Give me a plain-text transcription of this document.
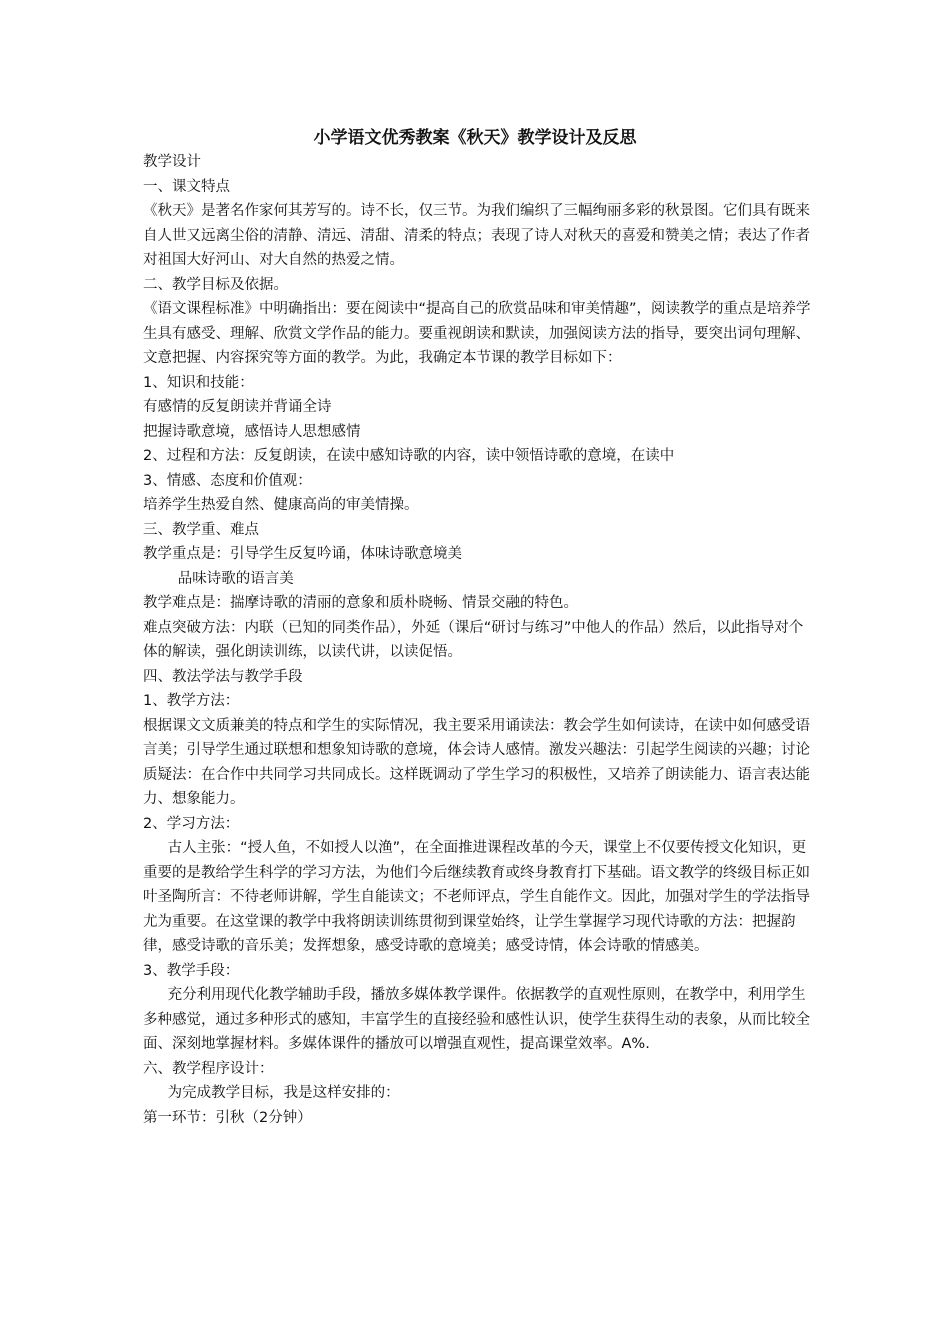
小学语文优秀教案《秋天》教学设计及反思

教学设计

一、课文特点

《秋天》是著名作家何其芳写的。诗不长，仅三节。为我们编织了三幅绚丽多彩的秋景图。它们具有既来自人世又远离尘俗的清静、清远、清甜、清柔的特点；表现了诗人对秋天的喜爱和赞美之情；表达了作者对祖国大好河山、对大自然的热爱之情。

二、教学目标及依据。

《语文课程标准》中明确指出：要在阅读中“提高自己的欣赏品味和审美情趣”，阅读教学的重点是培养学生具有感受、理解、欣赏文学作品的能力。要重视朗读和默读，加强阅读方法的指导，要突出词句理解、文意把握、内容探究等方面的教学。为此，我确定本节课的教学目标如下：

1、知识和技能：

有感情的反复朗读并背诵全诗

把握诗歌意境，感悟诗人思想感情

2、过程和方法：反复朗读，在读中感知诗歌的内容，读中领悟诗歌的意境，在读中

3、情感、态度和价值观：

培养学生热爱自然、健康高尚的审美情操。

三、教学重、难点

教学重点是：引导学生反复吟诵，体味诗歌意境美

品味诗歌的语言美

教学难点是：揣摩诗歌的清丽的意象和质朴晓畅、情景交融的特色。

难点突破方法：内联（已知的同类作品），外延（课后“研讨与练习”中他人的作品）然后，以此指导对个体的解读，强化朗读训练，以读代讲，以读促悟。

四、教法学法与教学手段

1、教学方法：

根据课文文质兼美的特点和学生的实际情况，我主要采用诵读法：教会学生如何读诗，在读中如何感受语言美；引导学生通过联想和想象知诗歌的意境，体会诗人感情。激发兴趣法：引起学生阅读的兴趣；讨论质疑法：在合作中共同学习共同成长。这样既调动了学生学习的积极性，又培养了朗读能力、语言表达能力、想象能力。

2、学习方法：

古人主张：“授人鱼，不如授人以渔”，在全面推进课程改革的今天，课堂上不仅要传授文化知识，更重要的是教给学生科学的学习方法，为他们今后继续教育或终身教育打下基础。语文教学的终级目标正如叶圣陶所言：不待老师讲解，学生自能读文；不老师评点，学生自能作文。因此，加强对学生的学法指导尤为重要。在这堂课的教学中我将朗读训练贯彻到课堂始终，让学生掌握学习现代诗歌的方法：把握韵律，感受诗歌的音乐美；发挥想象，感受诗歌的意境美；感受诗情，体会诗歌的情感美。

3、教学手段：

充分利用现代化教学辅助手段，播放多媒体教学课件。依据教学的直观性原则，在教学中，利用学生多种感觉，通过多种形式的感知，丰富学生的直接经验和感性认识，使学生获得生动的表象，从而比较全面、深刻地掌握材料。多媒体课件的播放可以增强直观性，提高课堂效率。A%.

六、教学程序设计：

为完成教学目标，我是这样安排的：

第一环节：引秋（2分钟）
